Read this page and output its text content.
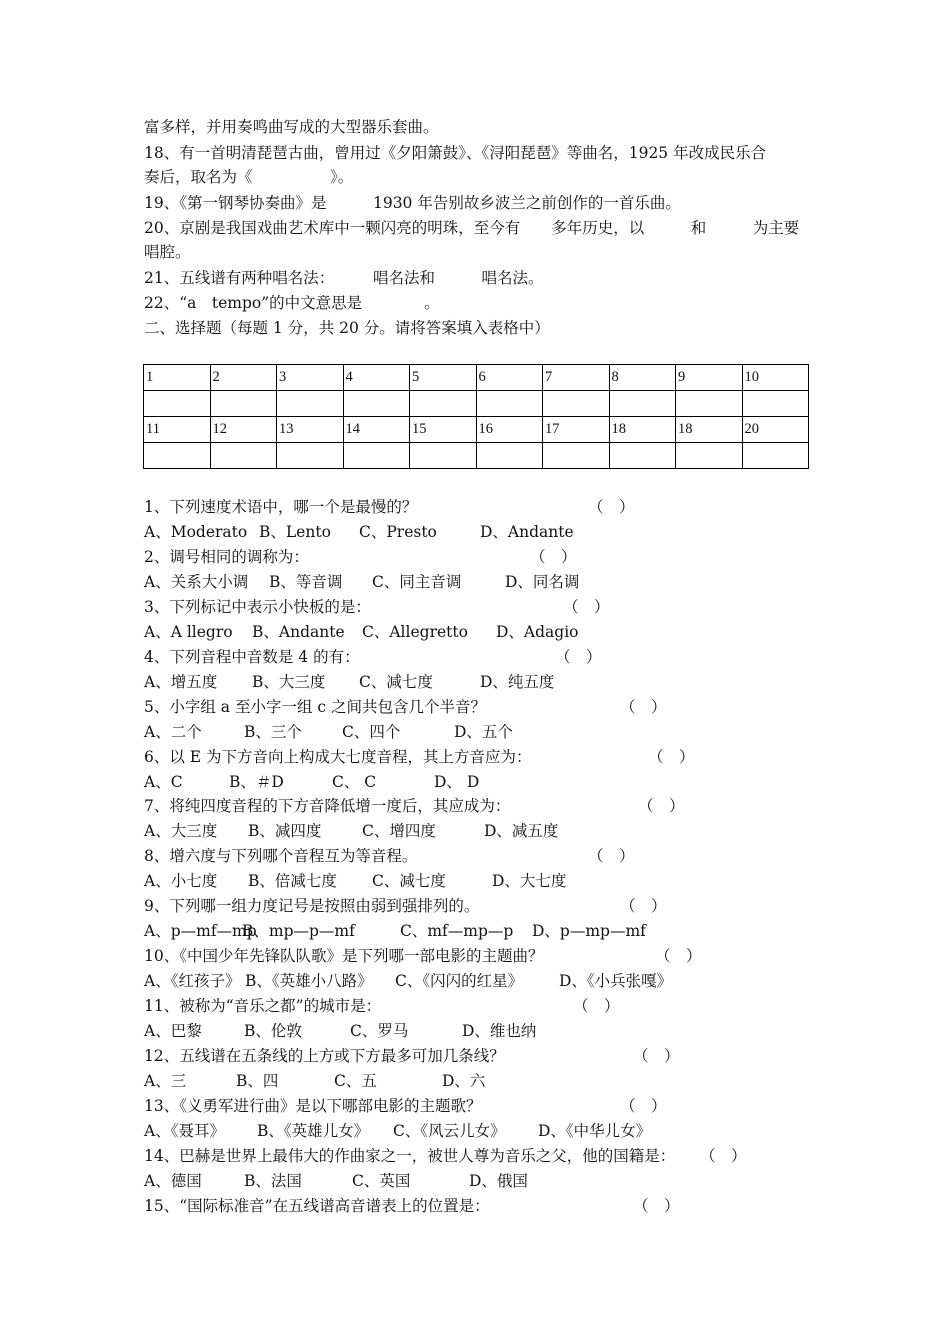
富多样，并用奏鸣曲写成的大型器乐套曲。
18、有一首明清琵琶古曲，曾用过《夕阳箫鼓》、《浔阳琵琶》等曲名，1925 年改成民乐合
奏后，取名为《　　　　　》。
19、《第一钢琴协奏曲》是　　　1930 年告别故乡波兰之前创作的一首乐曲。
20、京剧是我国戏曲艺术库中一颗闪亮的明珠，至今有　　多年历史，以　　　和　　　为主要
唱腔。
21、五线谱有两种唱名法：　　　唱名法和　　　唱名法。
22、“a　tempo”的中文意思是　　　　。
二、选择题（每题 1 分，共 20 分。请将答案填入表格中）
1	2	3	4	5	6	7	8	9	10

11	12	13	14	15	16	17	18	18	20

1、下列速度术语中，哪一个是最慢的？	（　）
A、Moderato B、Lento C、Presto	D、Andante
2、调号相同的调称为：	（　）
A、关系大小调 B、等音调 C、同主音调	D、同名调
3、下列标记中表示小快板的是：	（　）
A、A llegro B、Andante C、Allegretto D、Adagio
4、下列音程中音数是 4 的有：	（　）
A、增五度 B、大三度 C、减七度	D、纯五度
5、小字组 a 至小字一组 c 之间共包含几个半音？	（　）
A、二个	B、三个	C、四个	D、五个
6、以 E 为下方音向上构成大七度音程，其上方音应为：	（　）
A、C	B、＃D	C、 C	D、 D
7、将纯四度音程的下方音降低增一度后，其应成为：	（　）
A、大三度 B、减四度	C、增四度	D、减五度
8、增六度与下列哪个音程互为等音程。	（　）
A、小七度 B、倍减七度 C、减七度	D、大七度
9、下列哪一组力度记号是按照由弱到强排列的。	（　）
A、p—mf—mp
B、mp—p—mf	C、mf—mp—p D、p—mp—mf
10、《中国少年先锋队队歌》是下列哪一部电影的主题曲？	（　）
A、《红孩子》 B、《英雄小八路》 C、《闪闪的红星》 D、《小兵张嘎》
11、被称为“音乐之都”的城市是：	（　）
A、巴黎	B、伦敦	C、罗马	D、维也纳
12、五线谱在五条线的上方或下方最多可加几条线？	（　）
A、三	B、四	C、五	D、六
13、《义勇军进行曲》是以下哪部电影的主题歌？	（　）
A、《聂耳》 B、《英雄儿女》 C、《风云儿女》 D、《中华儿女》
14、巴赫是世界上最伟大的作曲家之一，被世人尊为音乐之父，他的国籍是：	（　）
A、德国	B、法国	C、英国	D、俄国
15、“国际标准音”在五线谱高音谱表上的位置是：	（　）
